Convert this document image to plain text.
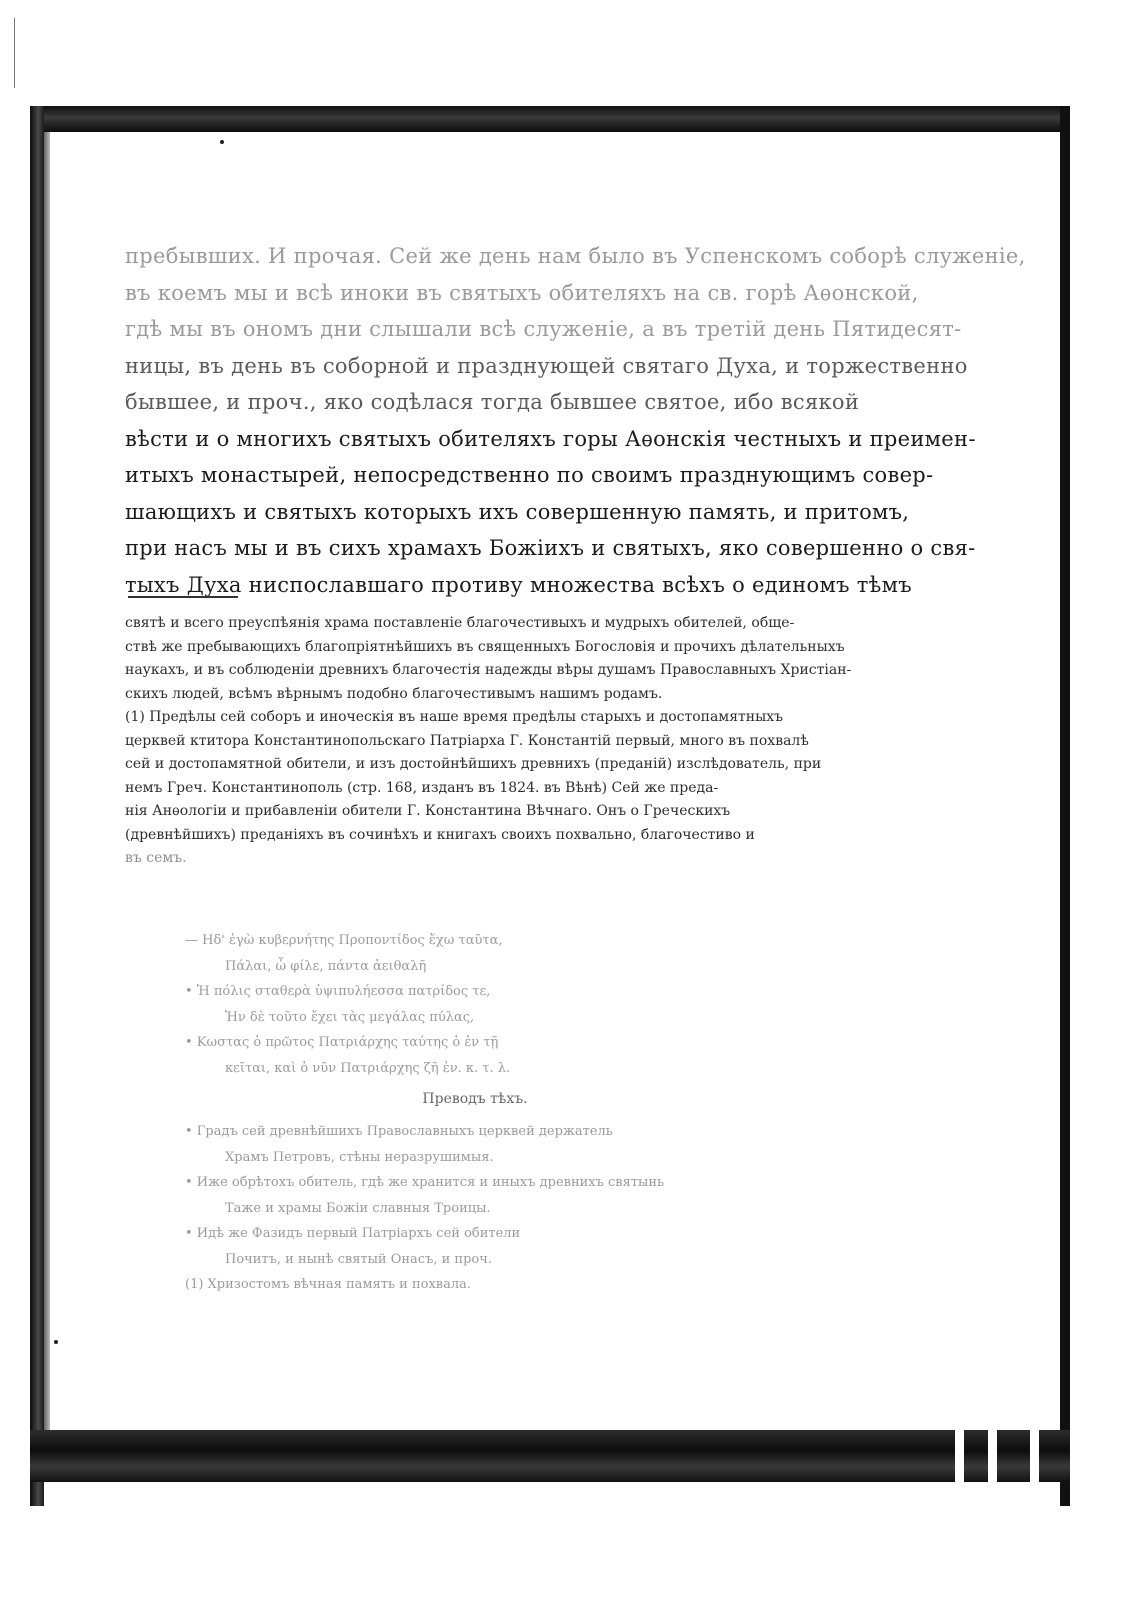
пребывших. И прочая. Сей же день нам было въ Успенскомъ соборѣ служеніе,
въ коемъ мы и всѣ иноки въ святыхъ обителяхъ на св. горѣ Аѳонской,
гдѣ мы въ ономъ дни слышали всѣ служеніе, а въ третій день Пятидесят-
ницы, въ день въ соборной и празднующей святаго Духа, и торжественно
бывшее, и проч., яко содѣлася тогда бывшее святое, ибо всякой
вѣсти и о многихъ святыхъ обителяхъ горы Аѳонскія честныхъ и преимен-
итыхъ монастырей, непосредственно по своимъ празднующимъ совер-
шающихъ и святыхъ которыхъ ихъ совершенную память, и притомъ,
при насъ мы и въ сихъ храмахъ Божіихъ и святыхъ, яко совершенно о свя-
тыхъ Духа ниспославшаго противу множества всѣхъ о единомъ тѣмъ
святѣ и всего преуспѣянія храма поставленіе благочестивыхъ и мудрыхъ обителей, обще-
ствѣ же пребывающихъ благопріятнѣйшихъ въ священныхъ Богословія и прочихъ дѣлательныхъ
наукахъ, и въ соблюденіи древнихъ благочестія надежды вѣры душамъ Православныхъ Христіан-
скихъ людей, всѣмъ вѣрнымъ подобно благочестивымъ нашимъ родамъ.
(1) Предѣлы сей соборъ и иноческія въ наше время предѣлы старыхъ и достопамятныхъ
церквей ктитора Константинопольскаго Патріарха Г. Константій первый, много въ похвалѣ
сей и достопамятной обители, и изъ достойнѣйшихъ древнихъ (преданій) изслѣдователь, при
немъ Греч. Константинополь (стр. 168, изданъ въ 1824. въ Вѣнѣ) Сей же преда-
нія Анѳологіи и прибавленіи обители Г. Константина Вѣчнаго. Онъ о Греческихъ
(древнѣйшихъ) преданіяхъ въ сочинѣхъ и книгахъ своихъ похвально, благочестиво и
въ семъ.
— Ηδ' ἐγὼ κυβερνήτης Προποντίδος ἔχω ταῦτα,
Πάλαι, ὦ φίλε, πάντα ἀειθαλῆ
• Ἡ πόλις σταθερὰ ὑψιπυλήεσσα πατρίδος τε,
Ἡν δὲ τοῦτο ἔχει τὰς μεγάλας πύλας,
• Κωστας ὁ πρῶτος Πατριάρχης ταύτης ὁ ἐν τῇ
κεῖται, καὶ ὁ νῦν Πατριάρχης ζῆ ἐν. κ. τ. λ.
Преводъ тѣхъ.
• Градъ сей древнѣйшихъ Православныхъ церквей держатель
Храмъ Петровъ, стѣны неразрушимыя.
• Иже обрѣтохъ обитель, гдѣ же хранится и иныхъ древнихъ святынь
Таже и храмы Божіи славныя Троицы.
• Идѣ же Фазидъ первый Патріархъ сей обители
Почитъ, и нынѣ святый Онасъ, и проч.
(1) Хризостомъ вѣчная память и похвала.
